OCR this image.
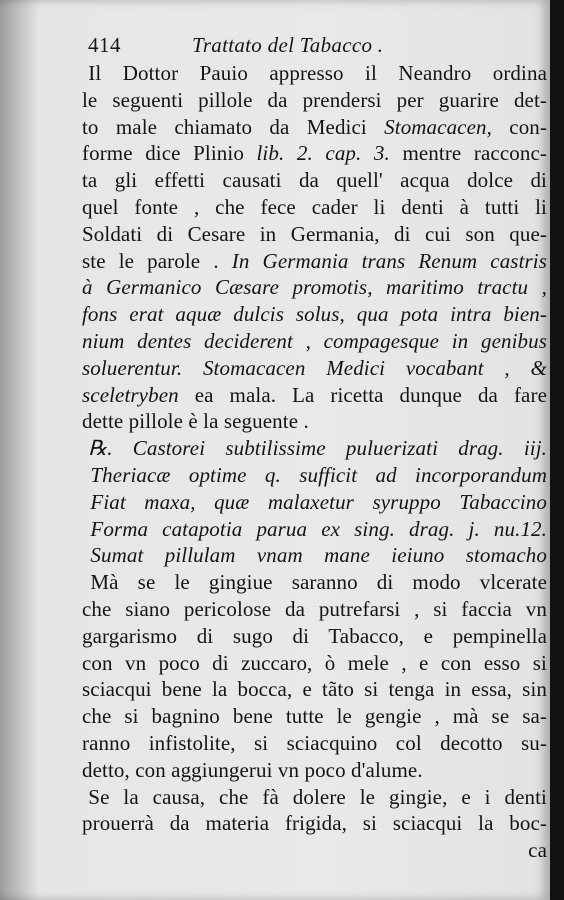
414	Trattato del Tabacco .
Il Dottor Pauio appresso il Neandro ordina
le seguenti pillole da prendersi per guarire det-
to male chiamato da Medici Stomacacen, con-
forme dice Plinio lib. 2. cap. 3. mentre racconc-
ta gli effetti causati da quell' acqua dolce di
quel fonte , che fece cader li denti à tutti li
Soldati di Cesare in Germania, di cui son que-
ste le parole . In Germania trans Renum castris
à Germanico Cæsare promotis, maritimo tractu ,
fons erat aquæ dulcis solus, qua pota intra bien-
nium dentes deciderent , compagesque in genibus
soluerentur. Stomacacen Medici vocabant , &
sceletryben ea mala. La ricetta dunque da fare
dette pillole è la seguente .
℞. Castorei subtilissime puluerizati drag. iij.
Theriacæ optime q. sufficit ad incorporandum
Fiat maxa, quæ malaxetur syruppo Tabaccino
Forma catapotia parua ex sing. drag. j. nu.12.
Sumat pillulam vnam mane ieiuno stomacho
Mà se le gingiue saranno di modo vlcerate
che siano pericolose da putrefarsi , si faccia vn
gargarismo di sugo di Tabacco, e pempinella
con vn poco di zuccaro, ò mele , e con esso si
sciacqui bene la bocca, e tãto si tenga in essa, sin
che si bagnino bene tutte le gengie , mà se sa-
ranno infistolite, si sciacquino col decotto su-
detto, con aggiungerui vn poco d'alume.
Se la causa, che fà dolere le gingie, e i denti
prouerrà da materia frigida, si sciacqui la boc-
ca
